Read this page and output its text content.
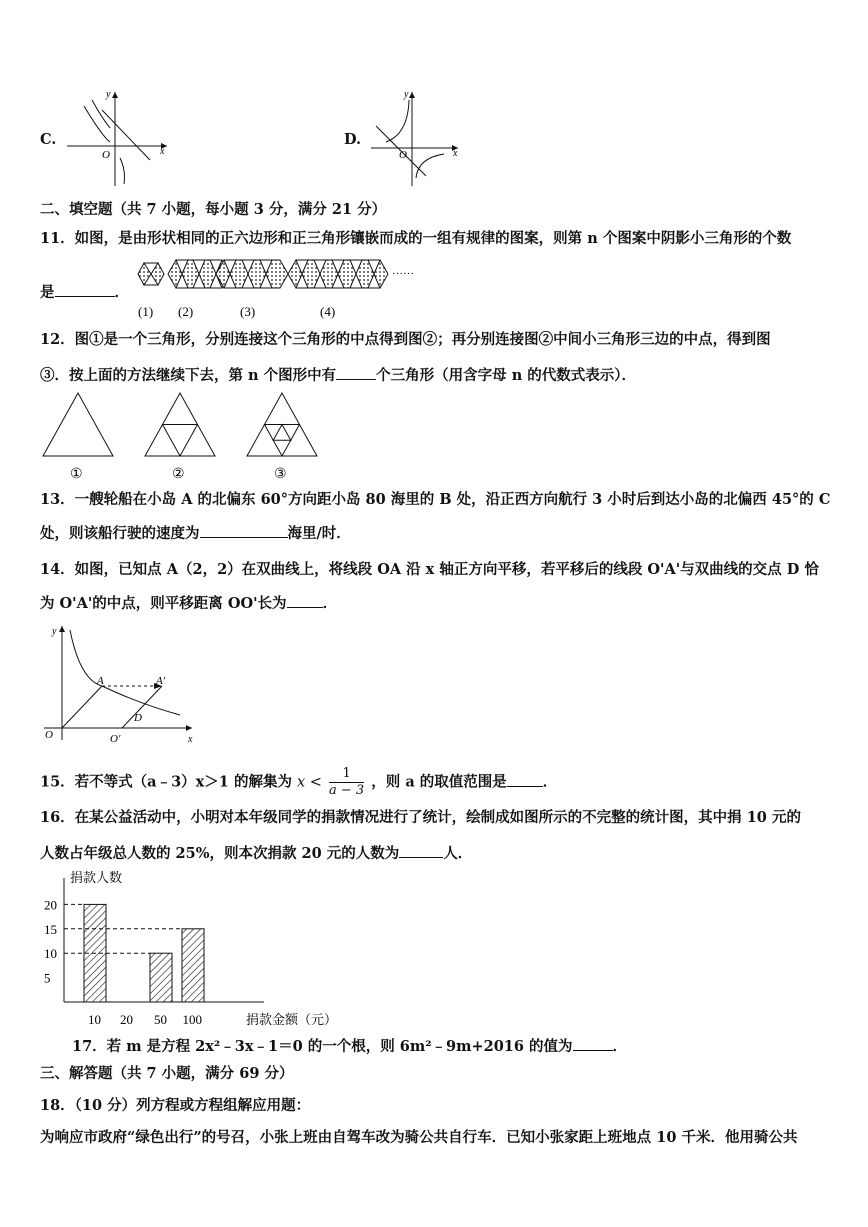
C.
O	x
y
D.
O	x
y
二、填空题（共 7 小题，每小题 3 分，满分 21 分）
11．如图，是由形状相同的正六边形和正三角形镶嵌而成的一组有规律的图案，则第 n 个图案中阴影小三角形的个数
是	．
……
(1) (2)	(3)	(4)
12．图①是一个三角形，分别连接这个三角形的中点得到图②；再分别连接图②中间小三角形三边的中点，得到图
③．按上面的方法继续下去，第 n 个图形中有	个三角形（用含字母 n 的代数式表示）．
①	②	③
13．一艘轮船在小岛 A 的北偏东 60°方向距小岛 80 海里的 B 处，沿正西方向航行 3 小时后到达小岛的北偏西 45°的 C
处，则该船行驶的速度为	海里/时．
14．如图，已知点 A（2，2）在双曲线上，将线段 OA 沿 x 轴正方向平移，若平移后的线段 O'A'与双曲线的交点 D 恰
为 O'A'的中点，则平移距离 OO'长为 ．
y
x
A	A'
D
O	O'
15．若不等式（a﹣3）x＞1 的解集为 $x < \frac{1}{a - 3}$ ，则 a 的取值范围是 ．
16．在某公益活动中，小明对本年级同学的捐款情况进行了统计，绘制成如图所示的不完整的统计图，其中捐 10 元的
人数占年级总人数的 25%，则本次捐款 20 元的人数为	人．
捐款人数
捐款金额（元）
5
10
15
20
10 20 50 100
17．若 m 是方程 2x²﹣3x﹣1＝0 的一个根，则 6m²﹣9m+2016 的值为	．
三、解答题（共 7 小题，满分 69 分）
18．（10 分）列方程或方程组解应用题：
为响应市政府“绿色出行”的号召，小张上班由自驾车改为骑公共自行车．已知小张家距上班地点 10 千米．他用骑公共
